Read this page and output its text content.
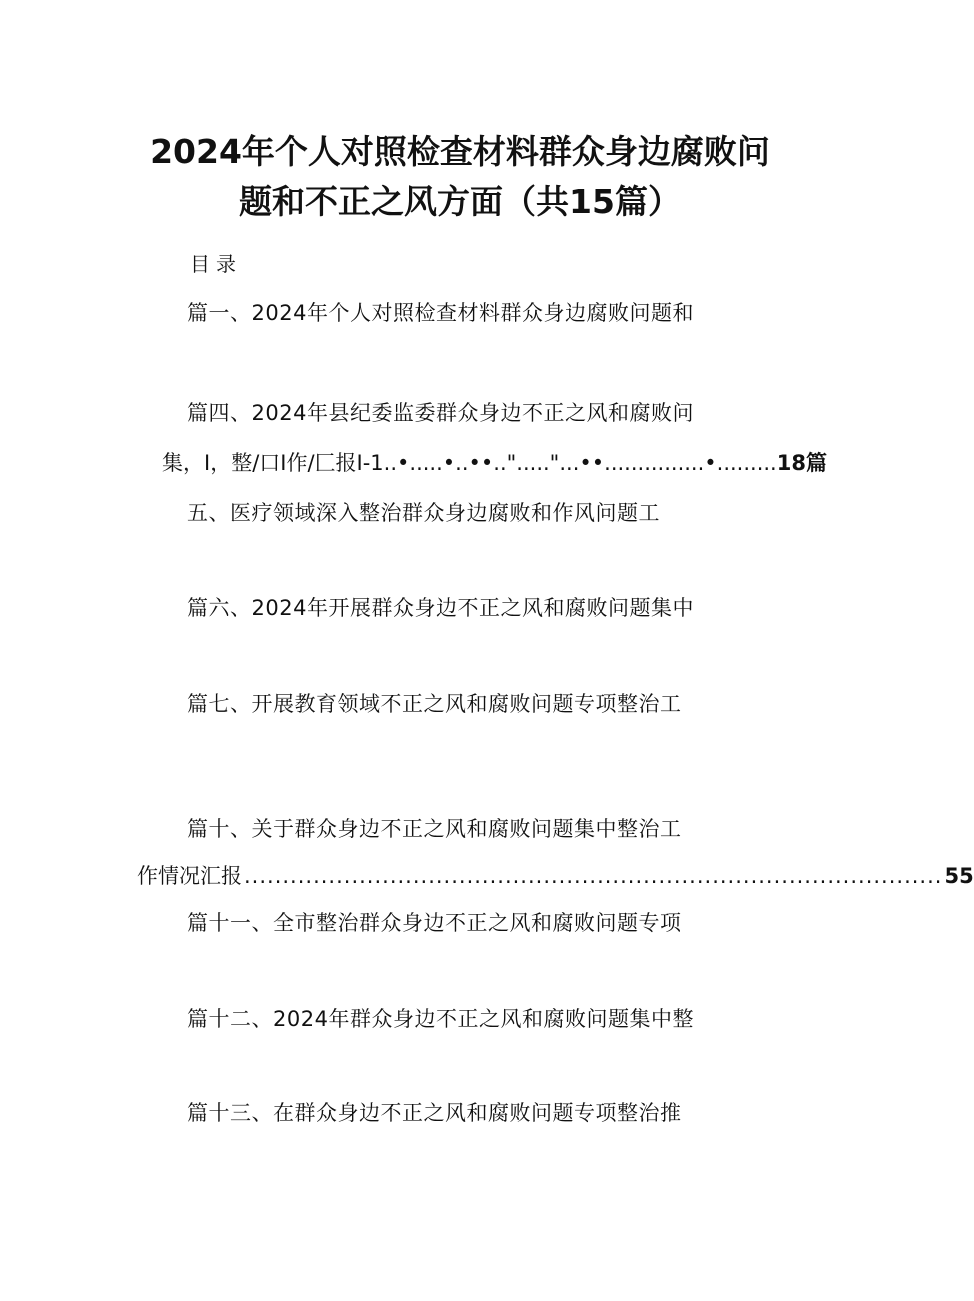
2024年个人对照检查材料群众身边腐败问
题和不正之风方面（共15篇）
目录
篇一、2024年个人对照检查材料群众身边腐败问题和
篇四、2024年县纪委监委群众身边不正之风和腐败问
集，I，整/口I作/匚报I-1..•.....•..••.."....."...••...............•......... 18篇
五、医疗领域深入整治群众身边腐败和作风问题工
篇六、2024年开展群众身边不正之风和腐败问题集中
篇七、开展教育领域不正之风和腐败问题专项整治工
篇十、关于群众身边不正之风和腐败问题集中整治工
作情况汇报 ........................................................................................... 55
篇十一、全市整治群众身边不正之风和腐败问题专项
篇十二、2024年群众身边不正之风和腐败问题集中整
篇十三、在群众身边不正之风和腐败问题专项整治推
